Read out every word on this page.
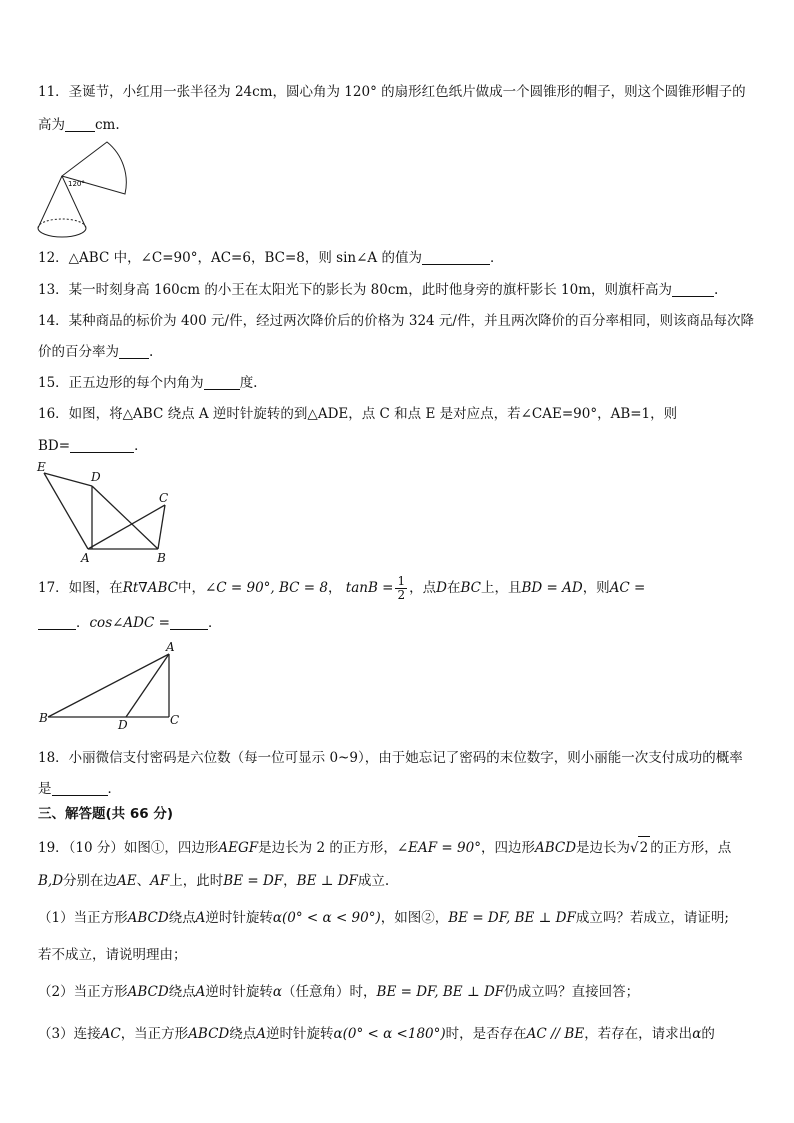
11．圣诞节，小红用一张半径为 24cm，圆心角为 120° 的扇形红色纸片做成一个圆锥形的帽子，则这个圆锥形帽子的
高为 cm.
120°
12．△ABC 中，∠C=90°，AC=6，BC=8，则 sin∠A 的值为	．
13．某一时刻身高 160cm 的小王在太阳光下的影长为 80cm，此时他身旁的旗杆影长 10m，则旗杆高为	.
14．某种商品的标价为 400 元/件，经过两次降价后的价格为 324 元/件，并且两次降价的百分率相同，则该商品每次降
价的百分率为 .
15．正五边形的每个内角为	度.
16．如图，将△ABC 绕点 A 逆时针旋转的到△ADE，点 C 和点 E 是对应点，若∠CAE=90°，AB=1，则
BD=	．
E
D
C
A	B
17．如图，在Rt∇ABC中，∠C = 90°, BC = 8， $\tan B = \frac{1}{2}$ ，点D在BC上，且BD = AD，则AC =
．cos∠ADC =	．
A
B	D	C
18．小丽微信支付密码是六位数（每一位可显示 0~9），由于她忘记了密码的末位数字，则小丽能一次支付成功的概率
是	．
三、解答题(共 66 分)
19．（10 分）如图①，四边形AEGF是边长为 2 的正方形，∠EAF = 90°，四边形ABCD是边长为√2 的正方形，点
B,D分别在边AE、AF上，此时BE = DF，BE ⊥ DF成立.
（1）当正方形ABCD绕点A逆时针旋转α(0° < α < 90°)，如图②，BE = DF, BE ⊥ DF成立吗？若成立，请证明;
若不成立，请说明理由；
（2）当正方形ABCD绕点A逆时针旋转α（任意角）时，BE = DF, BE ⊥ DF仍成立吗？直接回答；
（3）连接AC，当正方形ABCD绕点A逆时针旋转α(0° < α <180°)时，是否存在AC // BE，若存在，请求出α的
